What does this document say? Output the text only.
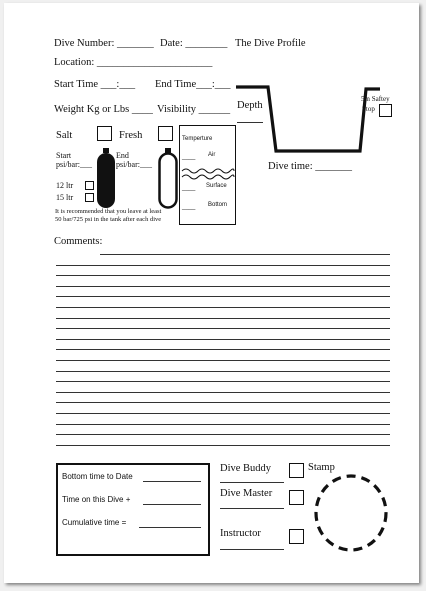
Dive Number: _______ Date: ________ The Dive Profile
Location: ______________________
Start Time ___:___ End Time___:___
Weight Kg or Lbs ____ Visibility ______
Salt	Fresh
Start
psi/bar:___
End
psi/bar:___
12 ltr
15 ltr
It is recommended that you leave at least
50 bar/725 psi in the tank after each dive
Temperture
____ Air
____ Surface
____ Bottom
Depth
5m Saftey
Stop
Dive time: _______
Comments:
Bottom time to Date
Time on this Dive +
Cumulative time =
Dive Buddy	Stamp
Dive Master
Instructor
